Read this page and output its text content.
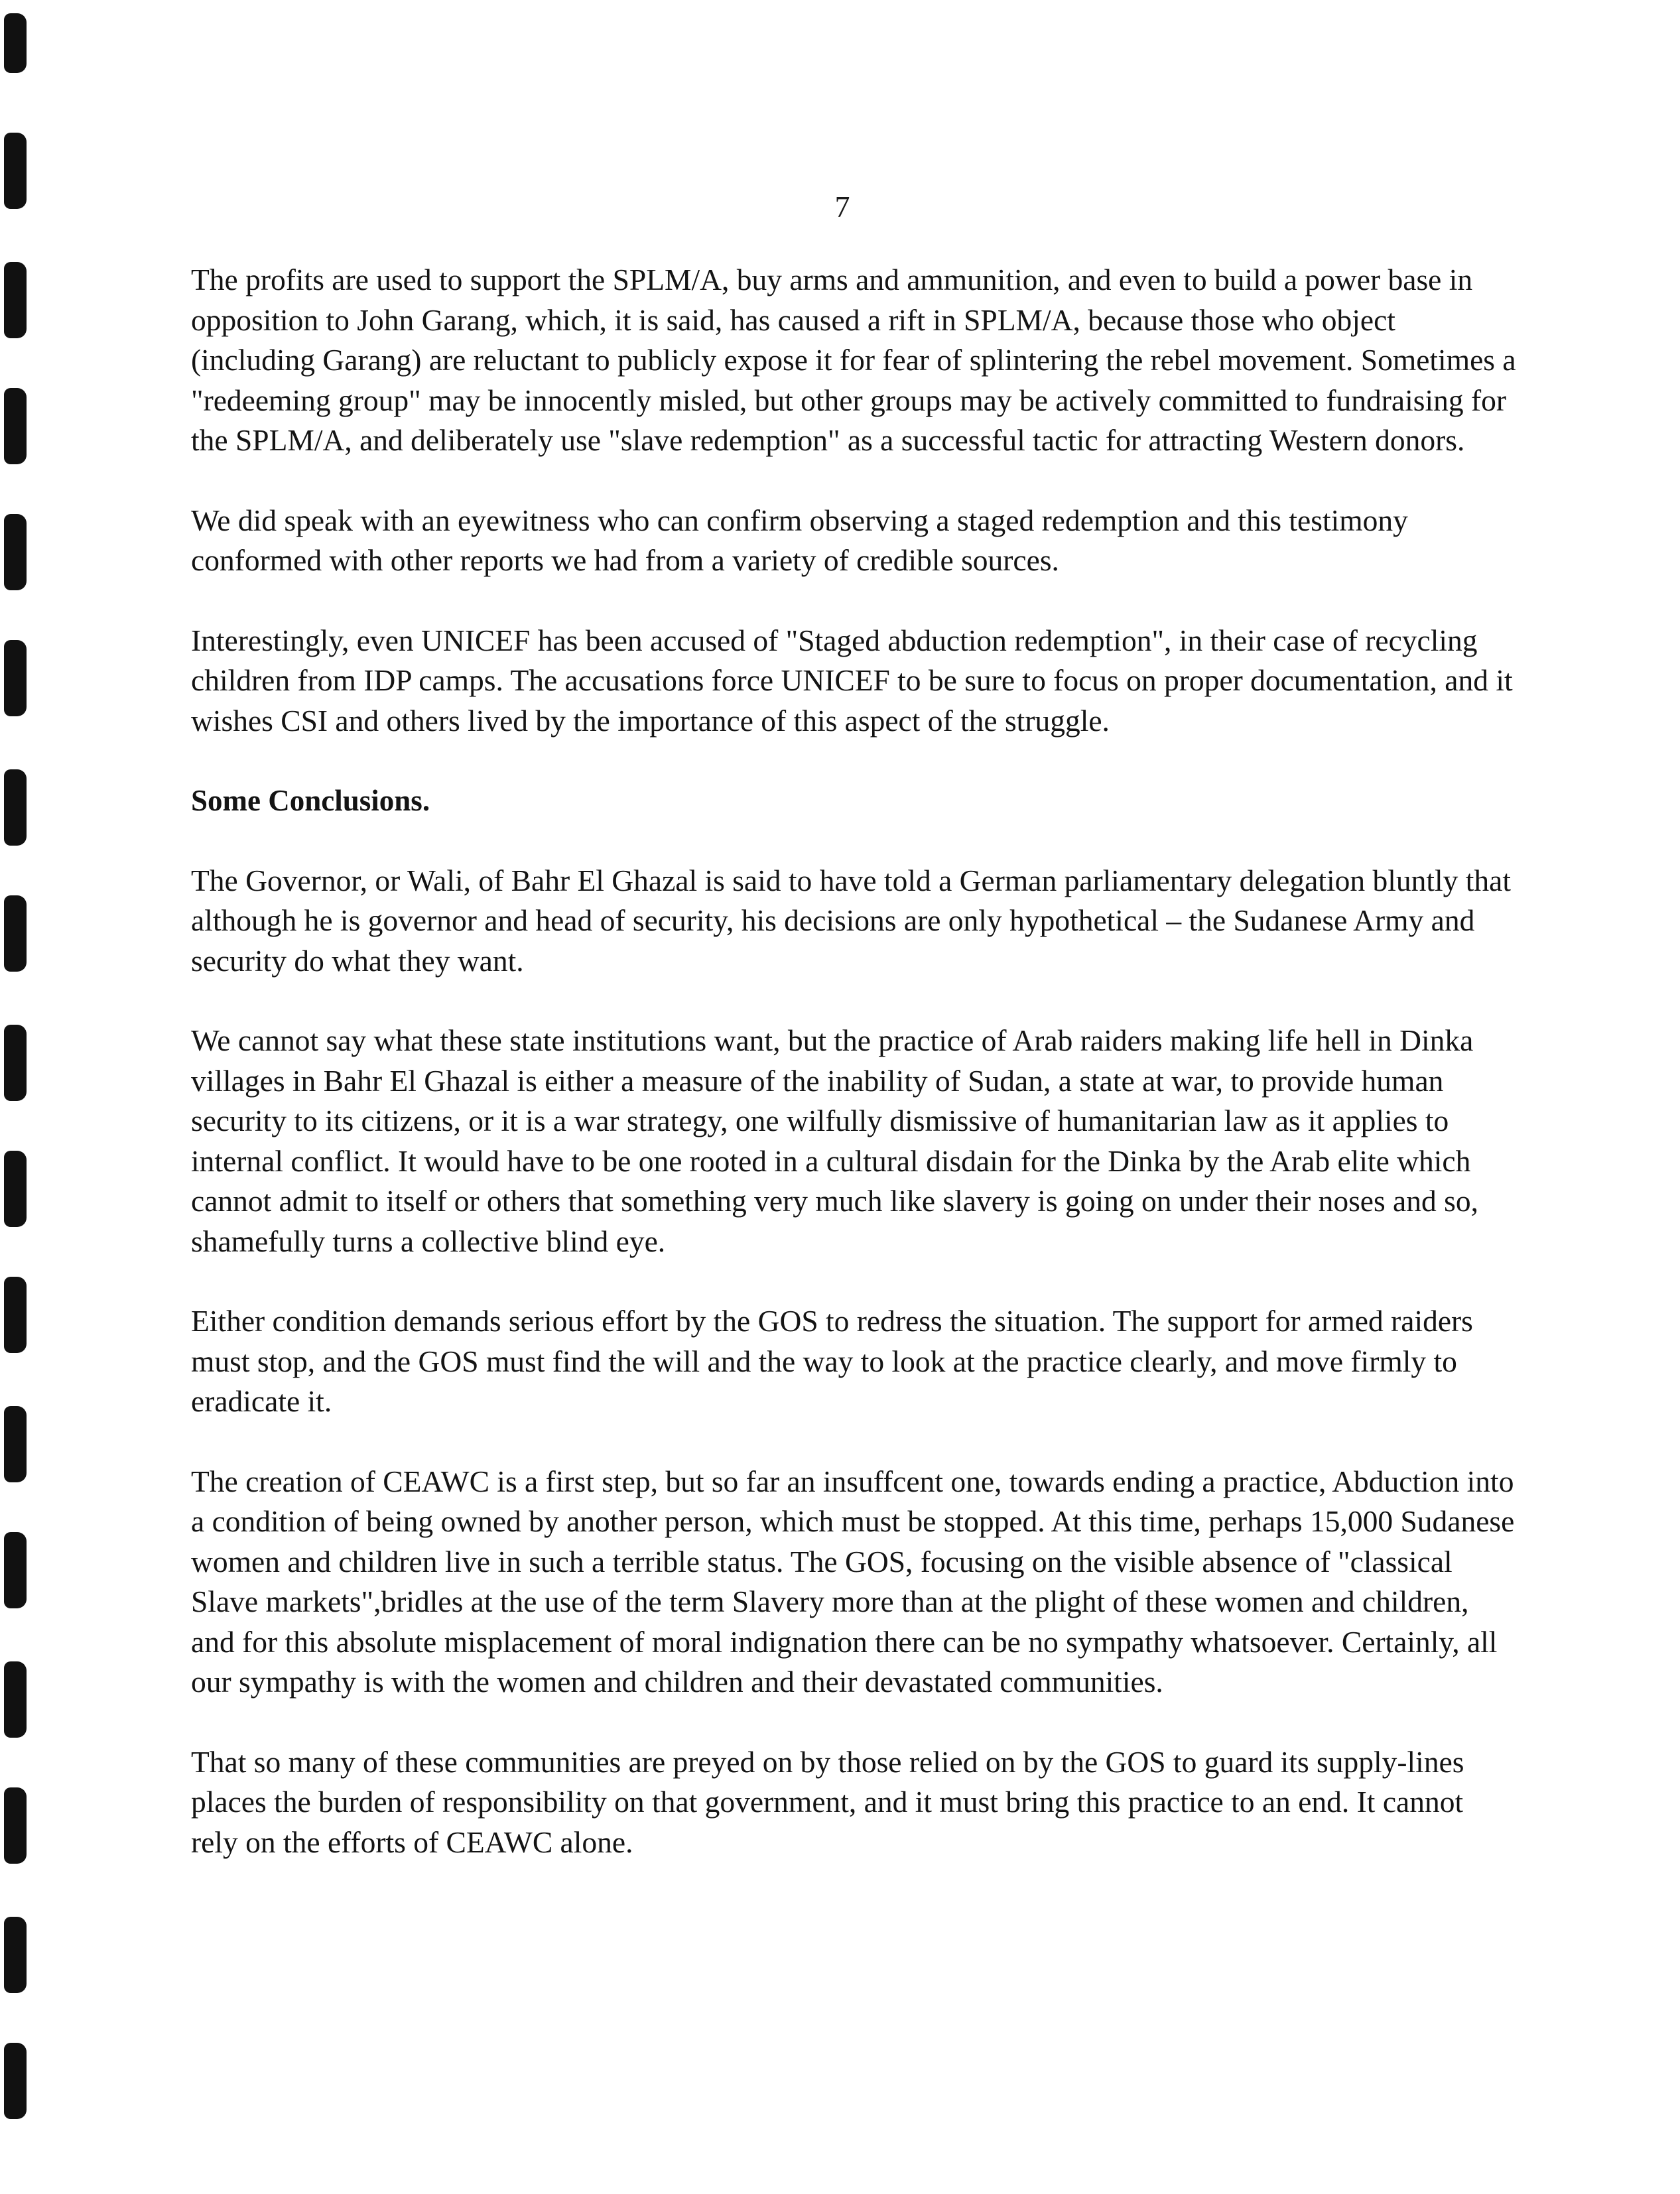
7

The profits are used to support the SPLM/A, buy arms and ammunition, and even to build a power base in opposition to John Garang, which, it is said, has caused a rift in SPLM/A, because those who object (including Garang) are reluctant to publicly expose it for fear of splintering the rebel movement. Sometimes a "redeeming group" may be innocently misled, but other groups may be actively committed to fundraising for the SPLM/A, and deliberately use "slave redemption" as a successful tactic for attracting Western donors.

We did speak with an eyewitness who can confirm observing a staged redemption and this testimony conformed with other reports we had from a variety of credible sources.

Interestingly, even UNICEF has been accused of "Staged abduction redemption", in their case of recycling children from IDP camps. The accusations force UNICEF to be sure to focus on proper documentation, and it wishes CSI and others lived by the importance of this aspect of the struggle.

Some Conclusions.

The Governor, or Wali, of Bahr El Ghazal is said to have told a German parliamentary delegation bluntly that although he is governor and head of security, his decisions are only hypothetical – the Sudanese Army and security do what they want.

We cannot say what these state institutions want, but the practice of Arab raiders making life hell in Dinka villages in Bahr El Ghazal is either a measure of the inability of Sudan, a state at war, to provide human security to its citizens, or it is a war strategy, one wilfully dismissive of humanitarian law as it applies to internal conflict. It would have to be one rooted in a cultural disdain for the Dinka by the Arab elite which cannot admit to itself or others that something very much like slavery is going on under their noses and so, shamefully turns a collective blind eye.

Either condition demands serious effort by the GOS to redress the situation. The support for armed raiders must stop, and the GOS must find the will and the way to look at the practice clearly, and move firmly to eradicate it.

The creation of CEAWC is a first step, but so far an insuffcent one, towards ending a practice, Abduction into a condition of being owned by another person, which must be stopped. At this time, perhaps 15,000 Sudanese women and children live in such a terrible status. The GOS, focusing on the visible absence of "classical Slave markets",bridles at the use of the term Slavery more than at the plight of these women and children, and for this absolute misplacement of moral indignation there can be no sympathy whatsoever. Certainly, all our sympathy is with the women and children and their devastated communities.

That so many of these communities are preyed on by those relied on by the GOS to guard its supply-lines places the burden of responsibility on that government, and it must bring this practice to an end. It cannot rely on the efforts of CEAWC alone.
